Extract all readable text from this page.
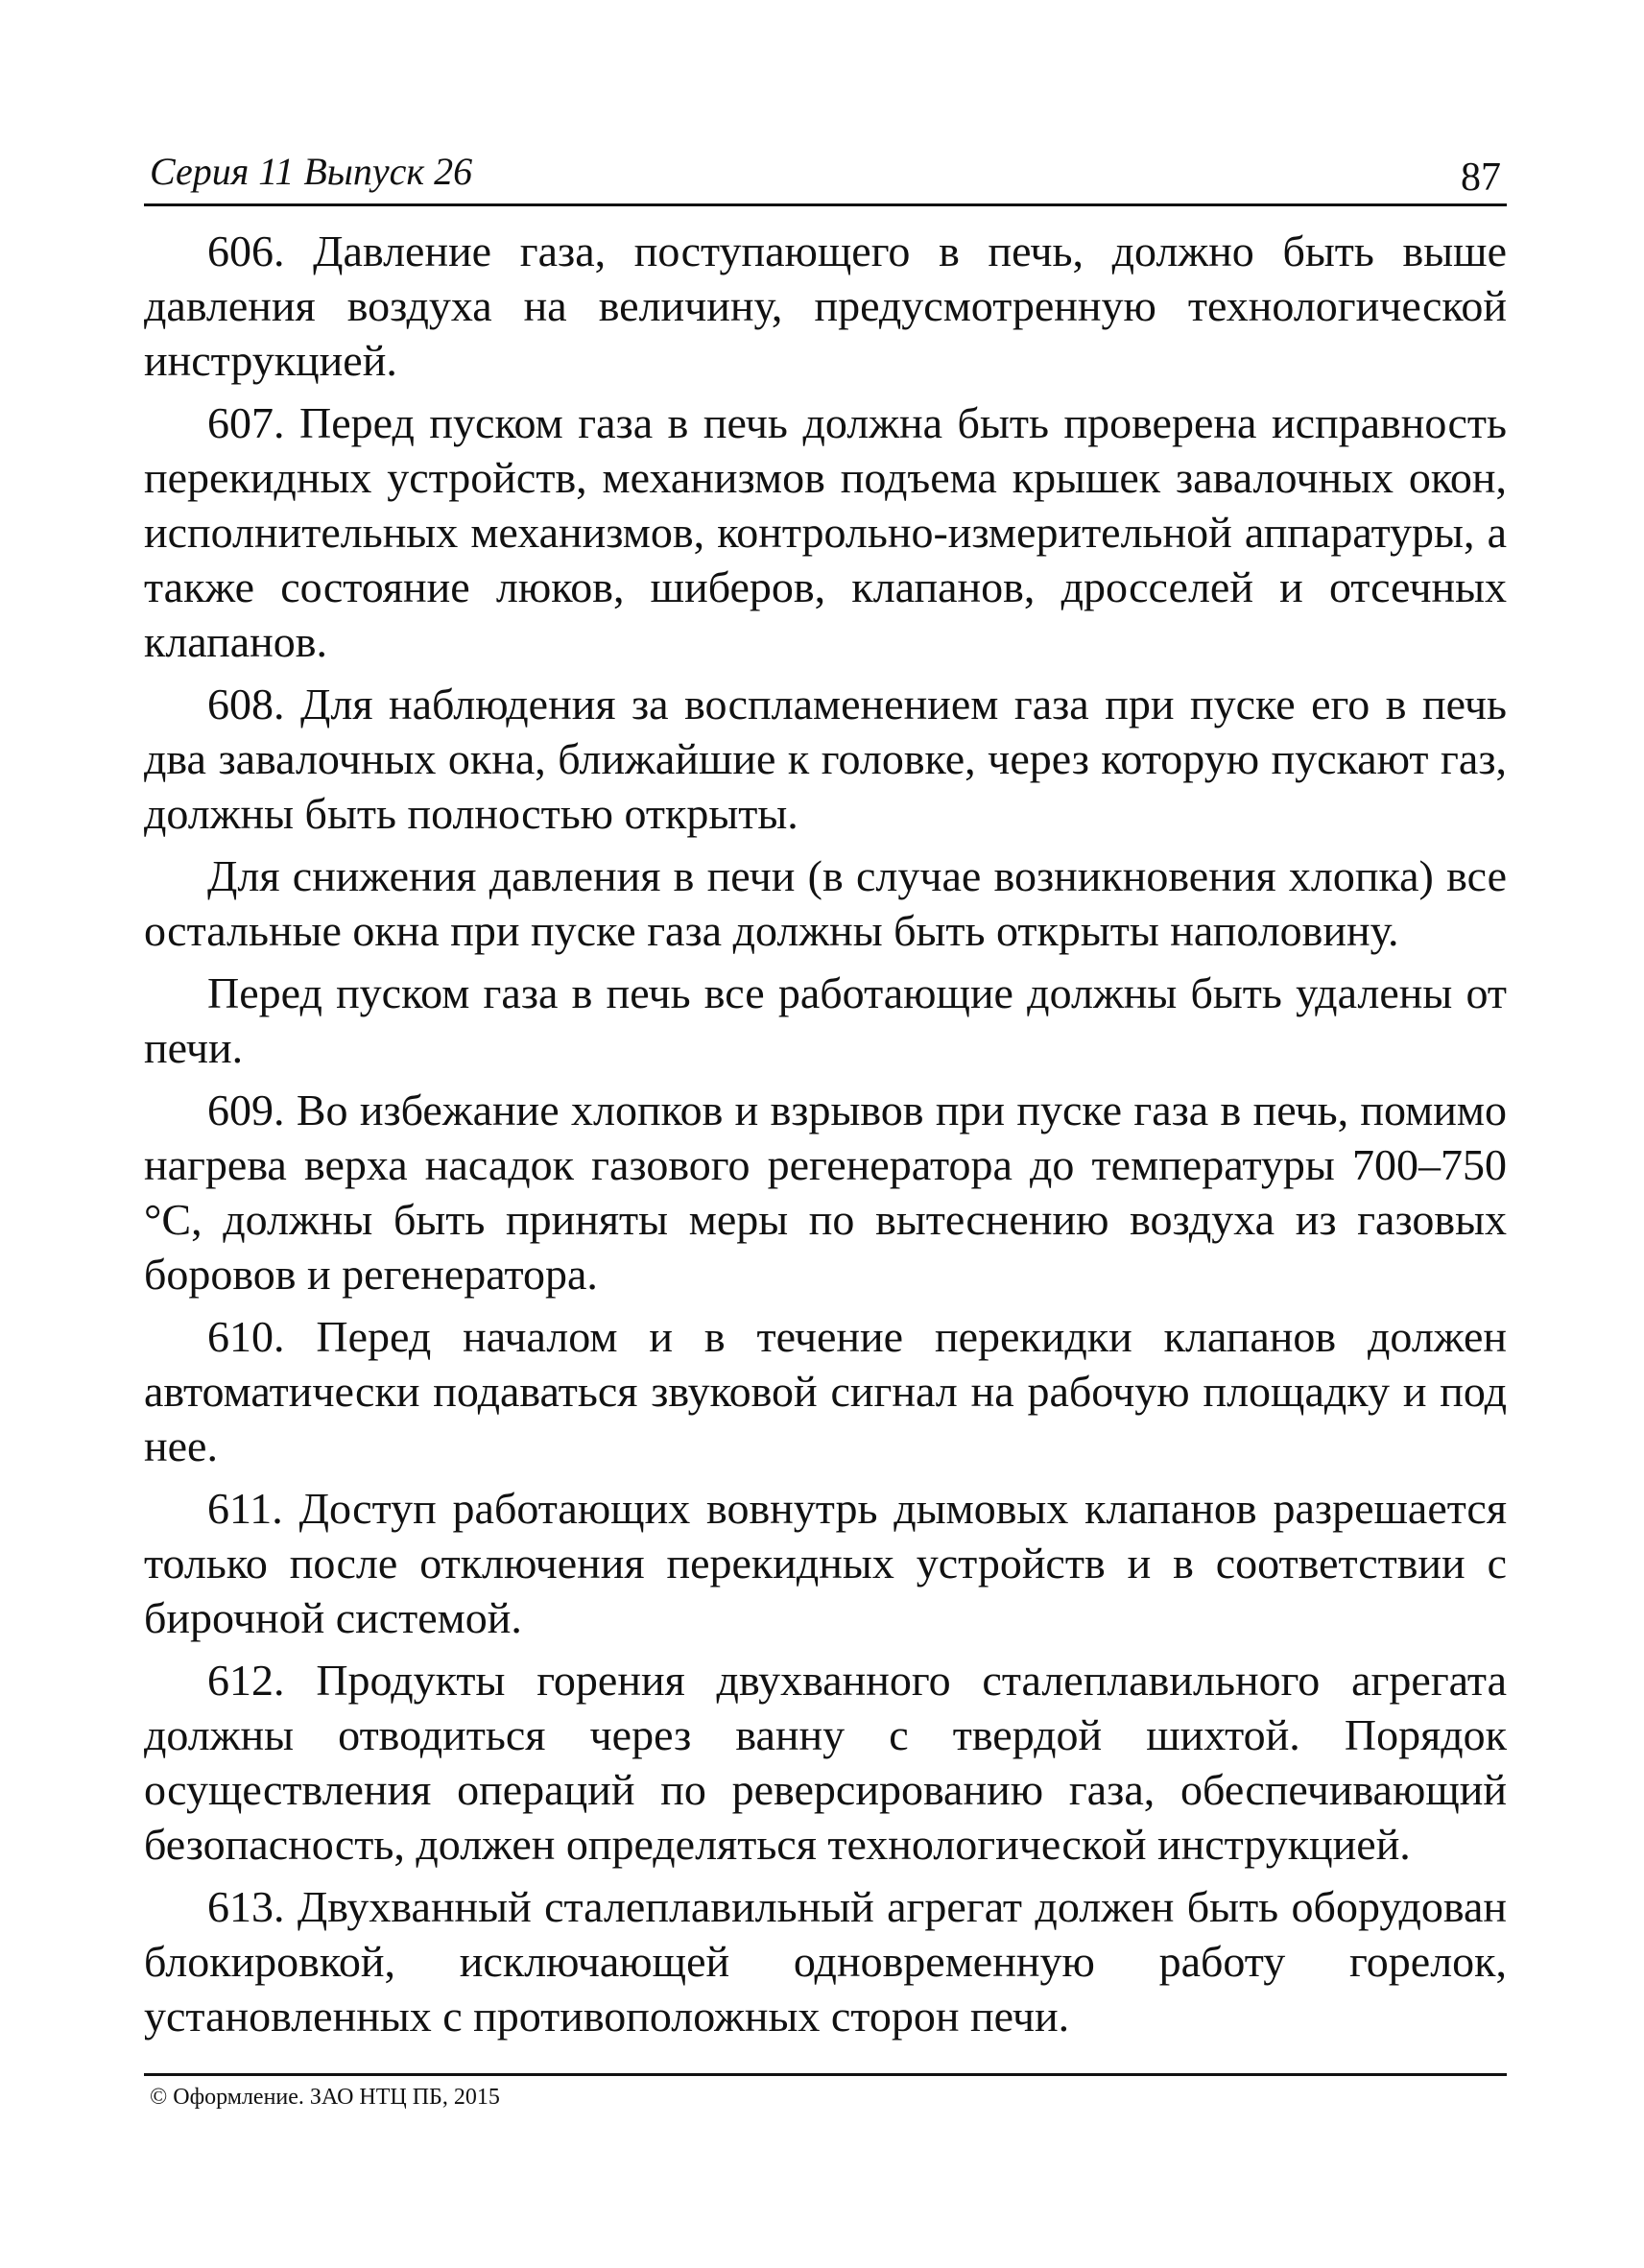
Серия 11 Выпуск 26	87

606. Давление газа, поступающего в печь, должно быть выше давления воздуха на величину, предусмотренную технологической инструкцией.

607. Перед пуском газа в печь должна быть проверена исправность перекидных устройств, механизмов подъема крышек завалочных окон, исполнительных механизмов, контрольно-измерительной аппаратуры, а также состояние люков, шиберов, клапанов, дросселей и отсечных клапанов.

608. Для наблюдения за воспламенением газа при пуске его в печь два завалочных окна, ближайшие к головке, через которую пускают газ, должны быть полностью открыты.

Для снижения давления в печи (в случае возникновения хлопка) все остальные окна при пуске газа должны быть открыты наполовину.

Перед пуском газа в печь все работающие должны быть удалены от печи.

609. Во избежание хлопков и взрывов при пуске газа в печь, помимо нагрева верха насадок газового регенератора до температуры 700–750 °С, должны быть приняты меры по вытеснению воздуха из газовых боровов и регенератора.

610. Перед началом и в течение перекидки клапанов должен автоматически подаваться звуковой сигнал на рабочую площадку и под нее.

611. Доступ работающих вовнутрь дымовых клапанов разрешается только после отключения перекидных устройств и в соответствии с бирочной системой.

612. Продукты горения двухванного сталеплавильного агрегата должны отводиться через ванну с твердой шихтой. Порядок осуществления операций по реверсированию газа, обеспечивающий безопасность, должен определяться технологической инструкцией.

613. Двухванный сталеплавильный агрегат должен быть оборудован блокировкой, исключающей одновременную работу горелок, установленных с противоположных сторон печи.

© Оформление. ЗАО НТЦ ПБ, 2015
